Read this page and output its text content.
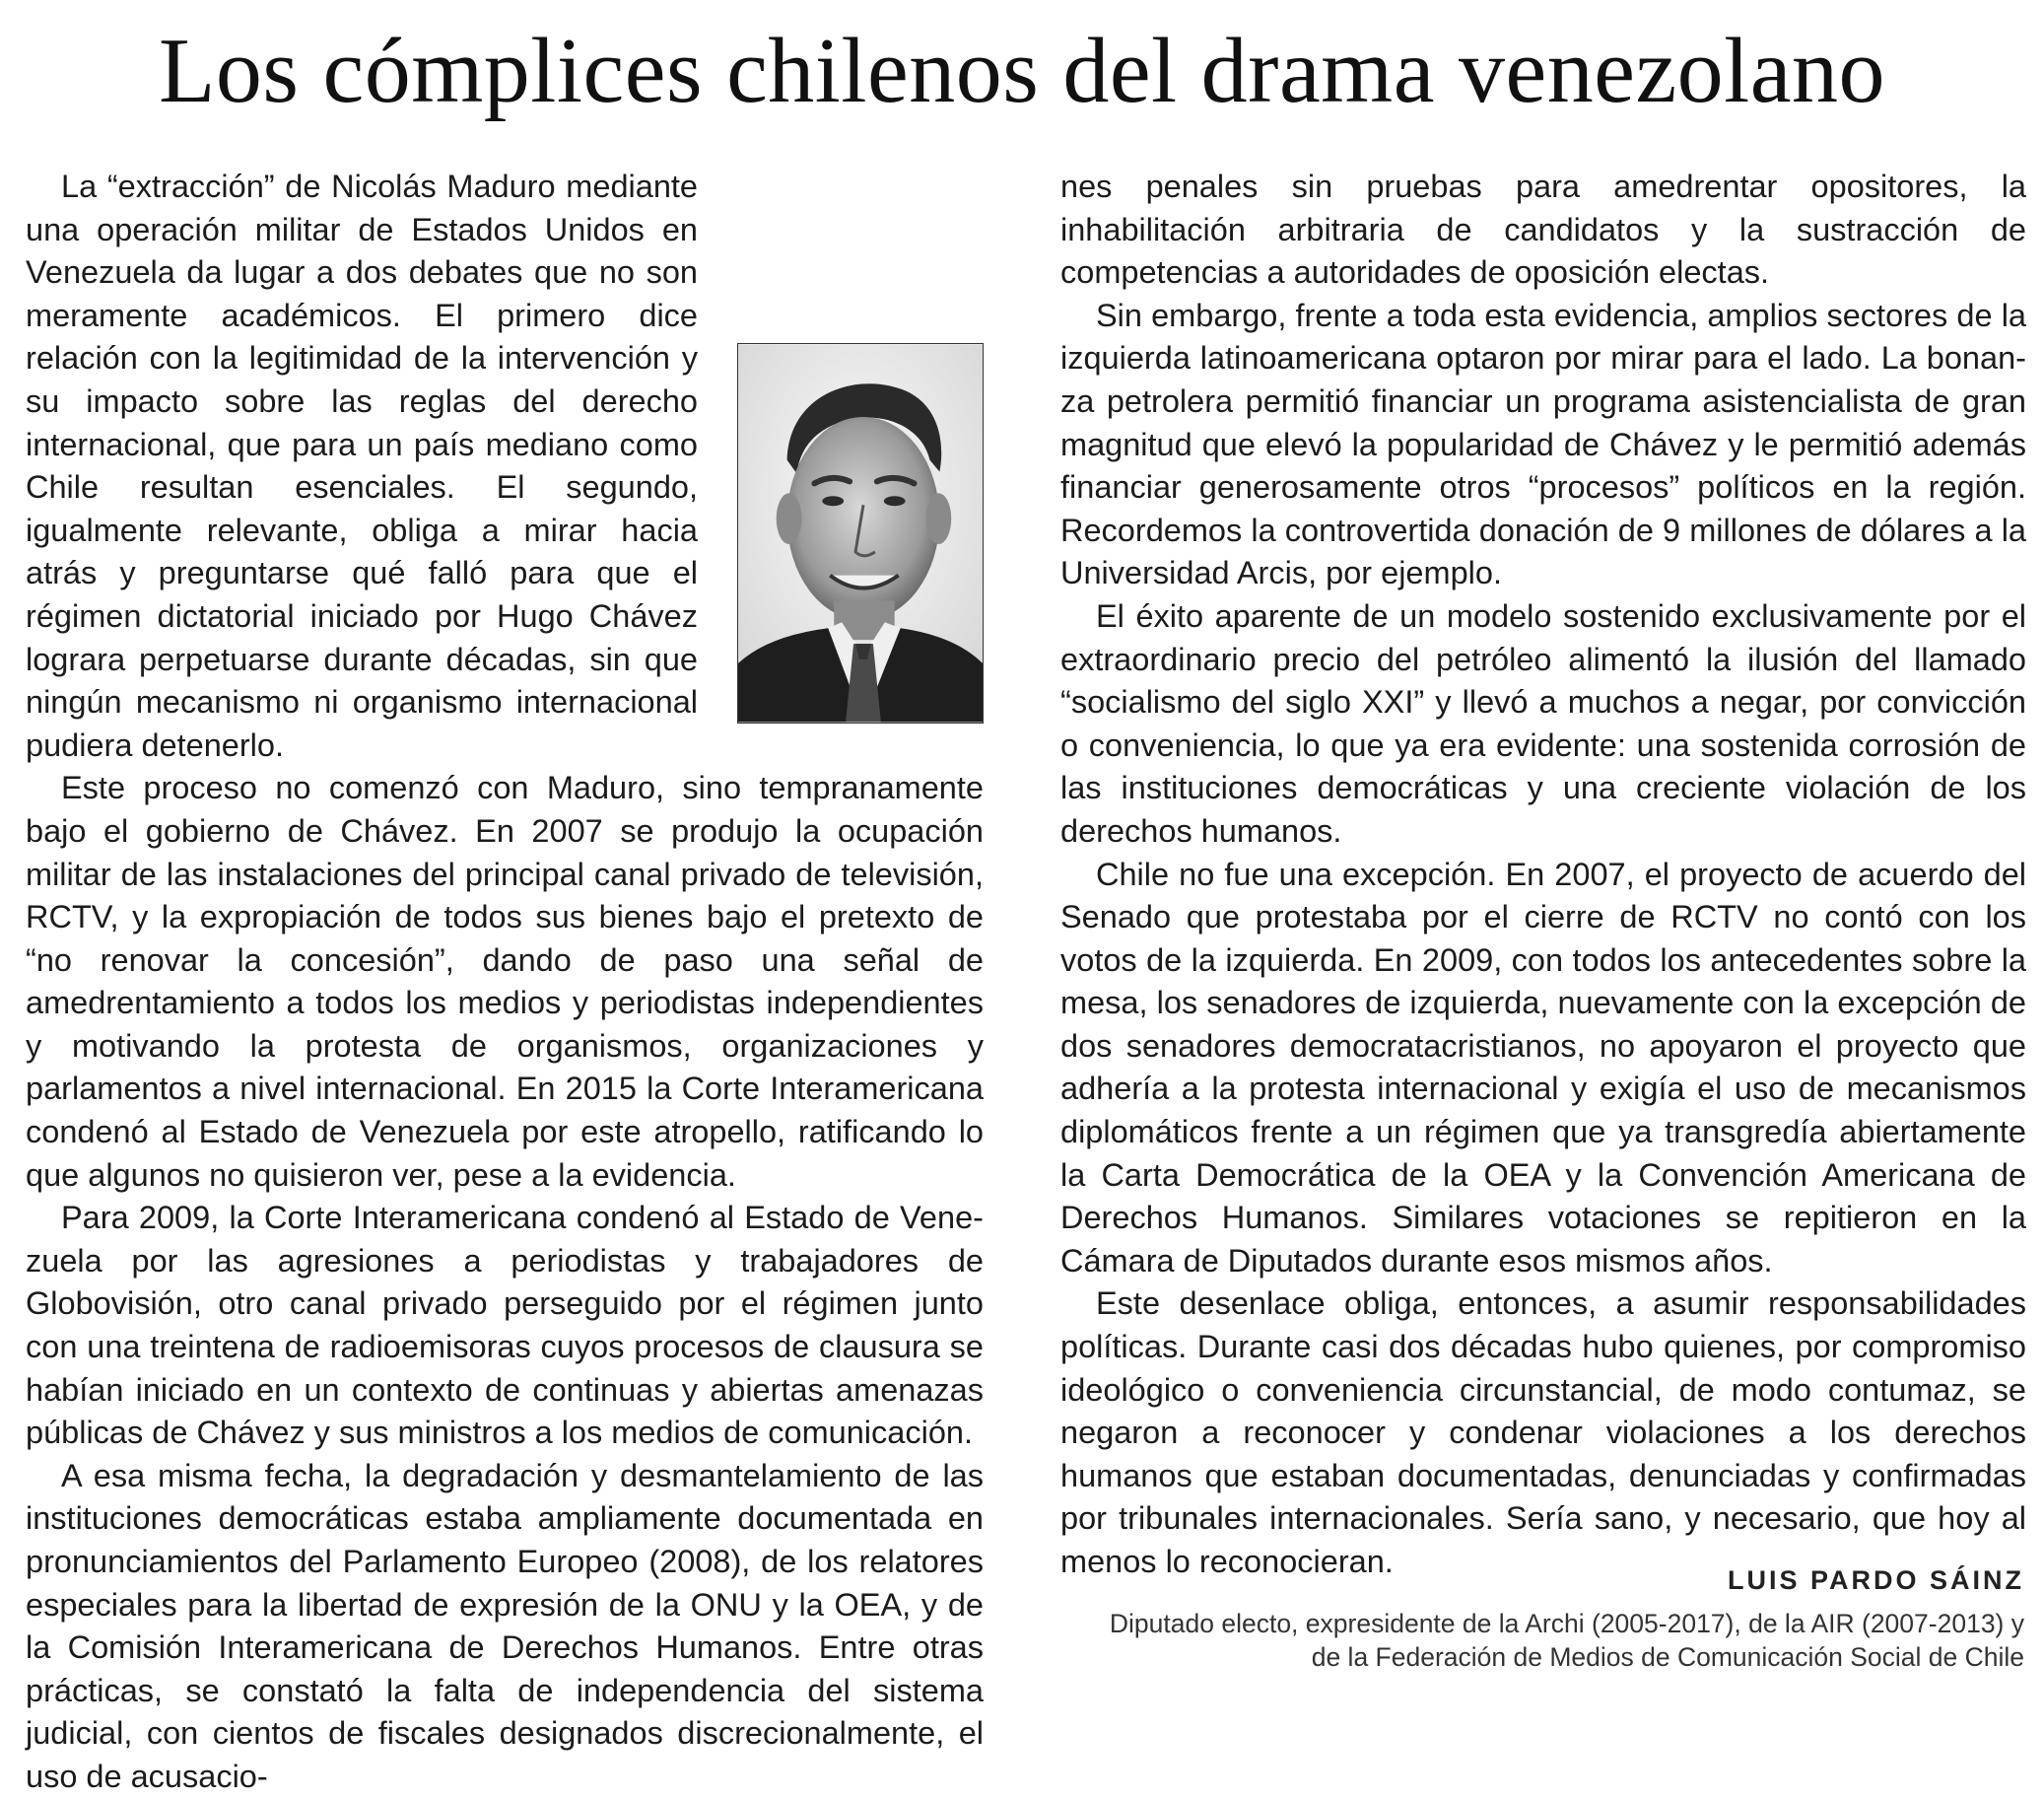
Los cómplices chilenos del drama venezolano

La “extracción” de Nicolás Maduro mediante una operación militar de Estados Unidos en Venezuela da lugar a dos debates que no son meramente académicos. El primero dice relación con la legitimidad de la intervención y su impacto sobre las reglas del derecho internacional, que para un país mediano como Chile resultan esenciales. El segundo, igualmente relevante, obliga a mirar hacia atrás y preguntarse qué falló para que el régimen dictatorial iniciado por Hugo Chávez lograra perpetuarse durante décadas, sin que ningún mecanismo ni organismo internacional pudiera detenerlo.

Este proceso no comenzó con Maduro, sino tempranamente bajo el gobierno de Chávez. En 2007 se produjo la ocupación militar de las instalaciones del principal canal privado de televisión, RCTV, y la expropiación de todos sus bienes bajo el pretexto de “no renovar la concesión”, dando de paso una señal de amedrentamiento a todos los medios y periodistas independientes y motivando la protesta de organismos, organizaciones y parlamentos a nivel internacional. En 2015 la Corte Interamericana condenó al Estado de Venezuela por este atropello, ratificando lo que algunos no quisieron ver, pese a la evidencia.

Para 2009, la Corte Interamericana condenó al Estado de Venezuela por las agresiones a periodistas y trabajadores de Globovisión, otro canal privado perseguido por el régimen junto con una treintena de radioemisoras cuyos procesos de clausura se habían iniciado en un contexto de continuas y abiertas amenazas públicas de Chávez y sus ministros a los medios de comunicación.

A esa misma fecha, la degradación y desmantelamiento de las instituciones democráticas estaba ampliamente documentada en pronunciamientos del Parlamento Europeo (2008), de los relatores especiales para la libertad de expresión de la ONU y la OEA, y de la Comisión Interamericana de Derechos Humanos. Entre otras prácticas, se constató la falta de independencia del sistema judicial, con cientos de fiscales designados discrecionalmente, el uso de acusacio-

nes penales sin pruebas para amedrentar opositores, la inhabilitación arbitraria de candidatos y la sustracción de competencias a autoridades de oposición electas.

Sin embargo, frente a toda esta evidencia, amplios sectores de la izquierda latinoamericana optaron por mirar para el lado. La bonanza petrolera permitió financiar un programa asistencialista de gran magnitud que elevó la popularidad de Chávez y le permitió además financiar generosamente otros “procesos” políticos en la región. Recordemos la controvertida donación de 9 millones de dólares a la Universidad Arcis, por ejemplo.

El éxito aparente de un modelo sostenido exclusivamente por el extraordinario precio del petróleo alimentó la ilusión del llamado “socialismo del siglo XXI” y llevó a muchos a negar, por convicción o conveniencia, lo que ya era evidente: una sostenida corrosión de las instituciones democráticas y una creciente violación de los derechos humanos.

Chile no fue una excepción. En 2007, el proyecto de acuerdo del Senado que protestaba por el cierre de RCTV no contó con los votos de la izquierda. En 2009, con todos los antecedentes sobre la mesa, los senadores de izquierda, nuevamente con la excepción de dos senadores democratacristianos, no apoyaron el proyecto que adhería a la protesta internacional y exigía el uso de mecanismos diplomáticos frente a un régimen que ya transgredía abiertamente la Carta Democrática de la OEA y la Convención Americana de Derechos Humanos. Similares votaciones se repitieron en la Cámara de Diputados durante esos mismos años.

Este desenlace obliga, entonces, a asumir responsabilidades políticas. Durante casi dos décadas hubo quienes, por compromiso ideológico o conveniencia circunstancial, de modo contumaz, se negaron a reconocer y condenar violaciones a los derechos humanos que estaban documentadas, denunciadas y confirmadas por tribunales internacionales. Sería sano, y necesario, que hoy al menos lo reconocieran.

LUIS PARDO SÁINZ
Diputado electo, expresidente de la Archi (2005-2017), de la AIR (2007-2013) y
de la Federación de Medios de Comunicación Social de Chile
